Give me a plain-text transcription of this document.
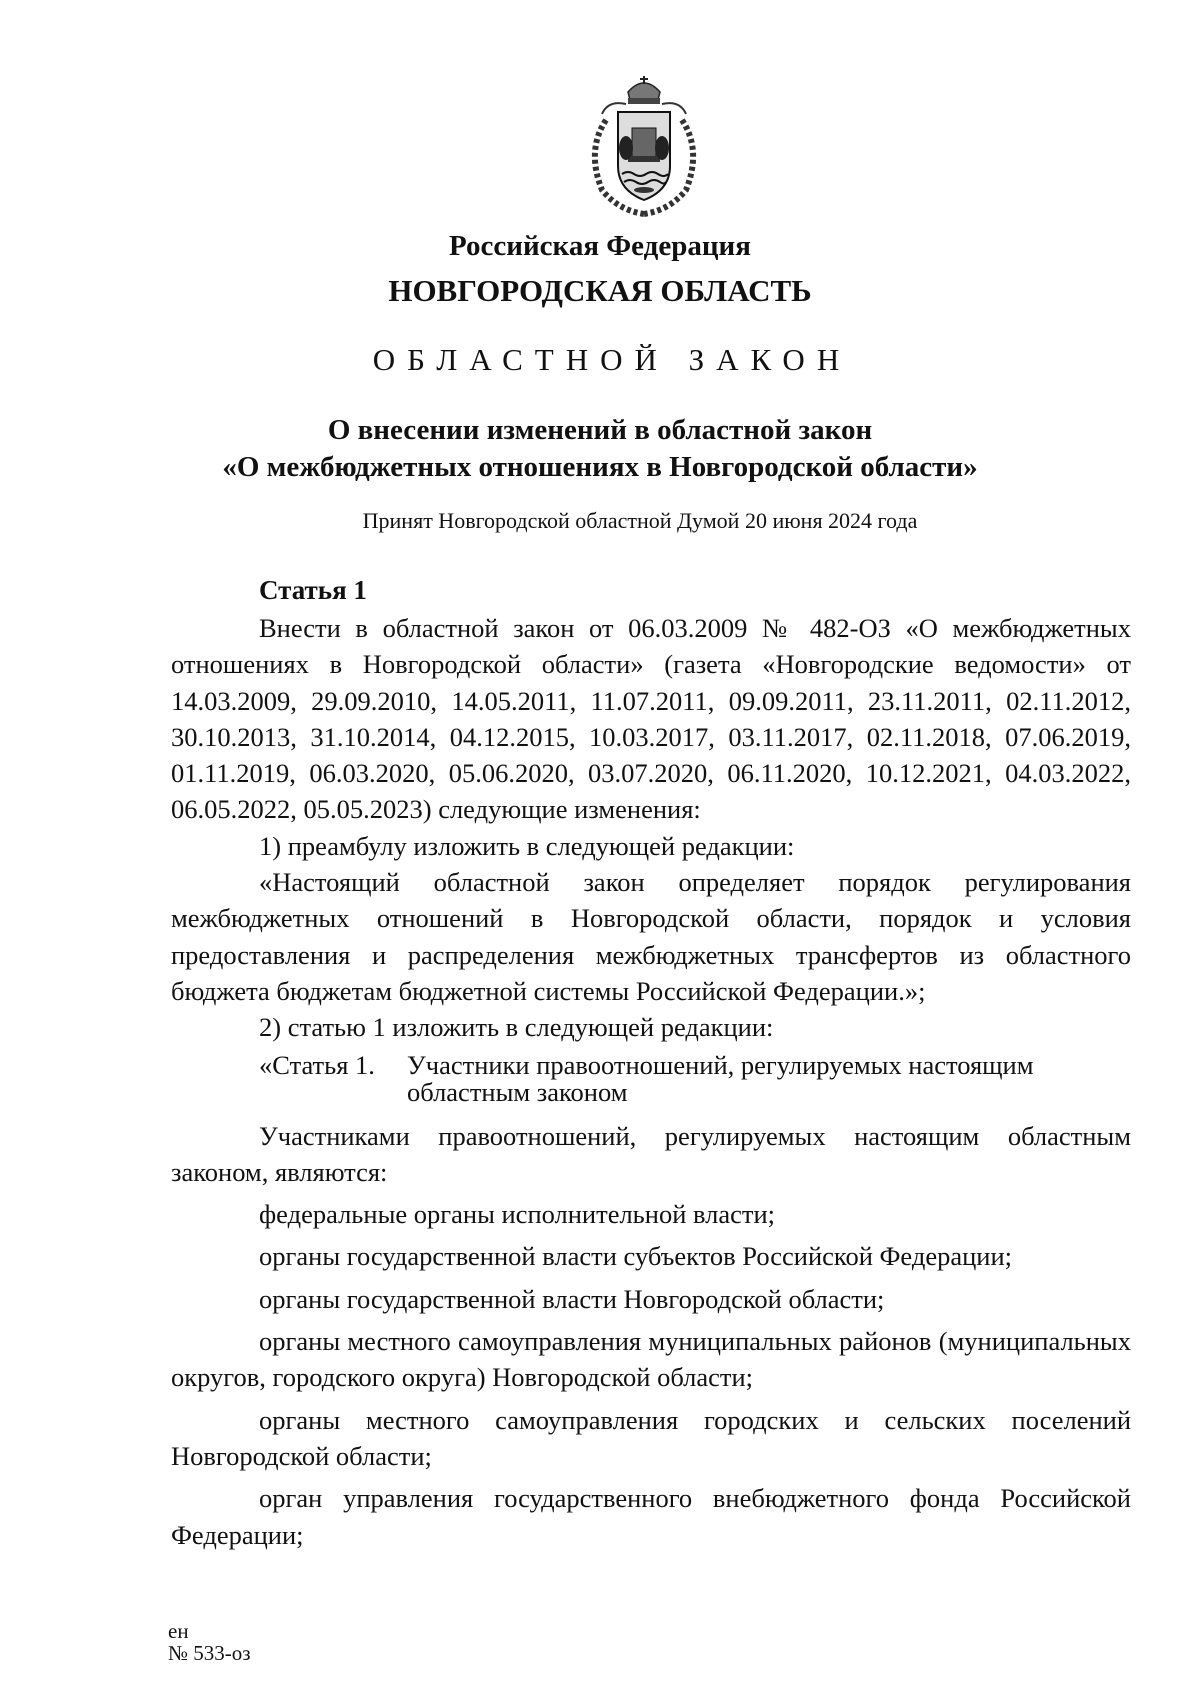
Российская Федерация
НОВГОРОДСКАЯ ОБЛАСТЬ
ОБЛАСТНОЙ ЗАКОН
О внесении изменений в областной закон
«О межбюджетных отношениях в Новгородской области»
Принят Новгородской областной Думой 20 июня 2024 года
Статья 1

Внести в областной закон от 06.03.2009 № 482-ОЗ «О межбюджетных отношениях в Новгородской области» (газета «Новгородские ведомости» от 14.03.2009, 29.09.2010, 14.05.2011, 11.07.2011, 09.09.2011, 23.11.2011, 02.11.2012, 30.10.2013, 31.10.2014, 04.12.2015, 10.03.2017, 03.11.2017, 02.11.2018, 07.06.2019, 01.11.2019, 06.03.2020, 05.06.2020, 03.07.2020, 06.11.2020, 10.12.2021, 04.03.2022, 06.05.2022, 05.05.2023) следующие изменения:

1) преамбулу изложить в следующей редакции:

«Настоящий областной закон определяет порядок регулирования межбюджетных отношений в Новгородской области, порядок и условия предоставления и распределения межбюджетных трансфертов из областного бюджета бюджетам бюджетной системы Российской Федерации.»;

2) статью 1 изложить в следующей редакции:

«Статья 1.	Участники правоотношений, регулируемых настоящим областным законом

Участниками правоотношений, регулируемых настоящим областным законом, являются:

федеральные органы исполнительной власти;

органы государственной власти субъектов Российской Федерации;

органы государственной власти Новгородской области;

органы местного самоуправления муниципальных районов (муниципальных округов, городского округа) Новгородской области;

органы местного самоуправления городских и сельских поселений Новгородской области;

орган управления государственного внебюджетного фонда Российской Федерации;

ен
№ 533-оз
